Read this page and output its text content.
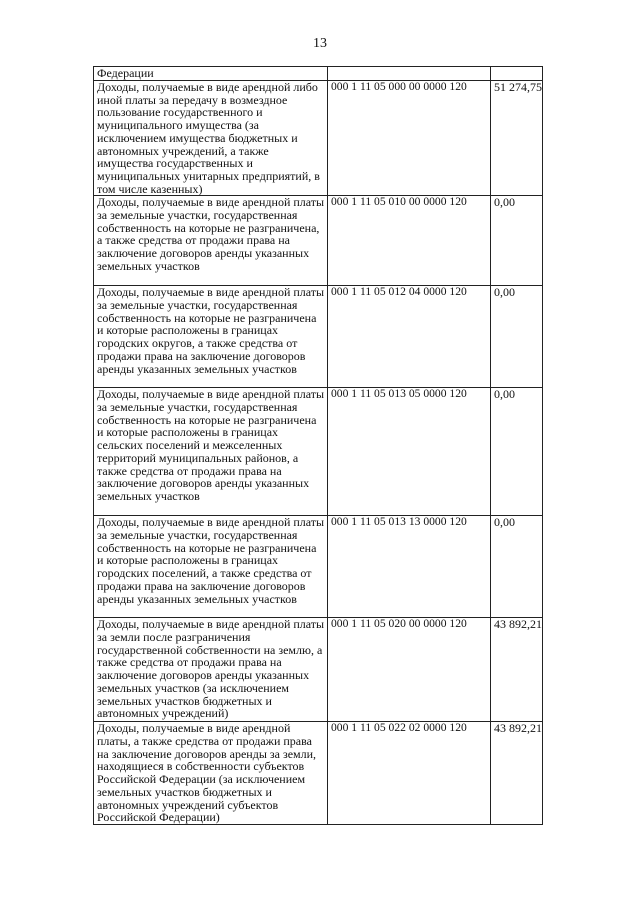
13
Федерации		
Доходы, получаемые в виде арендной либо иной платы за передачу в возмездное пользование государственного и муниципального имущества (за исключением имущества бюджетных и автономных учреждений, а также имущества государственных и муниципальных унитарных предприятий, в том числе казенных)	000 1 11 05 000 00 0000 120	51 274,75
Доходы, получаемые в виде арендной платы за земельные участки, государственная собственность на которые не разграничена, а также средства от продажи права на заключение договоров аренды указанных земельных участков	000 1 11 05 010 00 0000 120	0,00
Доходы, получаемые в виде арендной платы за земельные участки, государственная собственность на которые не разграничена и которые расположены в границах городских округов, а также средства от продажи права на заключение договоров аренды указанных земельных участков	000 1 11 05 012 04 0000 120	0,00
Доходы, получаемые в виде арендной платы за земельные участки, государственная собственность на которые не разграничена и которые расположены в границах сельских поселений и межселенных территорий муниципальных районов, а также средства от продажи права на заключение договоров аренды указанных земельных участков	000 1 11 05 013 05 0000 120	0,00
Доходы, получаемые в виде арендной платы за земельные участки, государственная собственность на которые не разграничена и которые расположены в границах городских поселений, а также средства от продажи права на заключение договоров аренды указанных земельных участков	000 1 11 05 013 13 0000 120	0,00
Доходы, получаемые в виде арендной платы за земли после разграничения государственной собственности на землю, а также средства от продажи права на заключение договоров аренды указанных земельных участков (за исключением земельных участков бюджетных и автономных учреждений)	000 1 11 05 020 00 0000 120	43 892,21
Доходы, получаемые в виде арендной платы, а также средства от продажи права на заключение договоров аренды за земли, находящиеся в собственности субъектов Российской Федерации (за исключением земельных участков бюджетных и автономных учреждений субъектов Российской Федерации)	000 1 11 05 022 02 0000 120	43 892,21
